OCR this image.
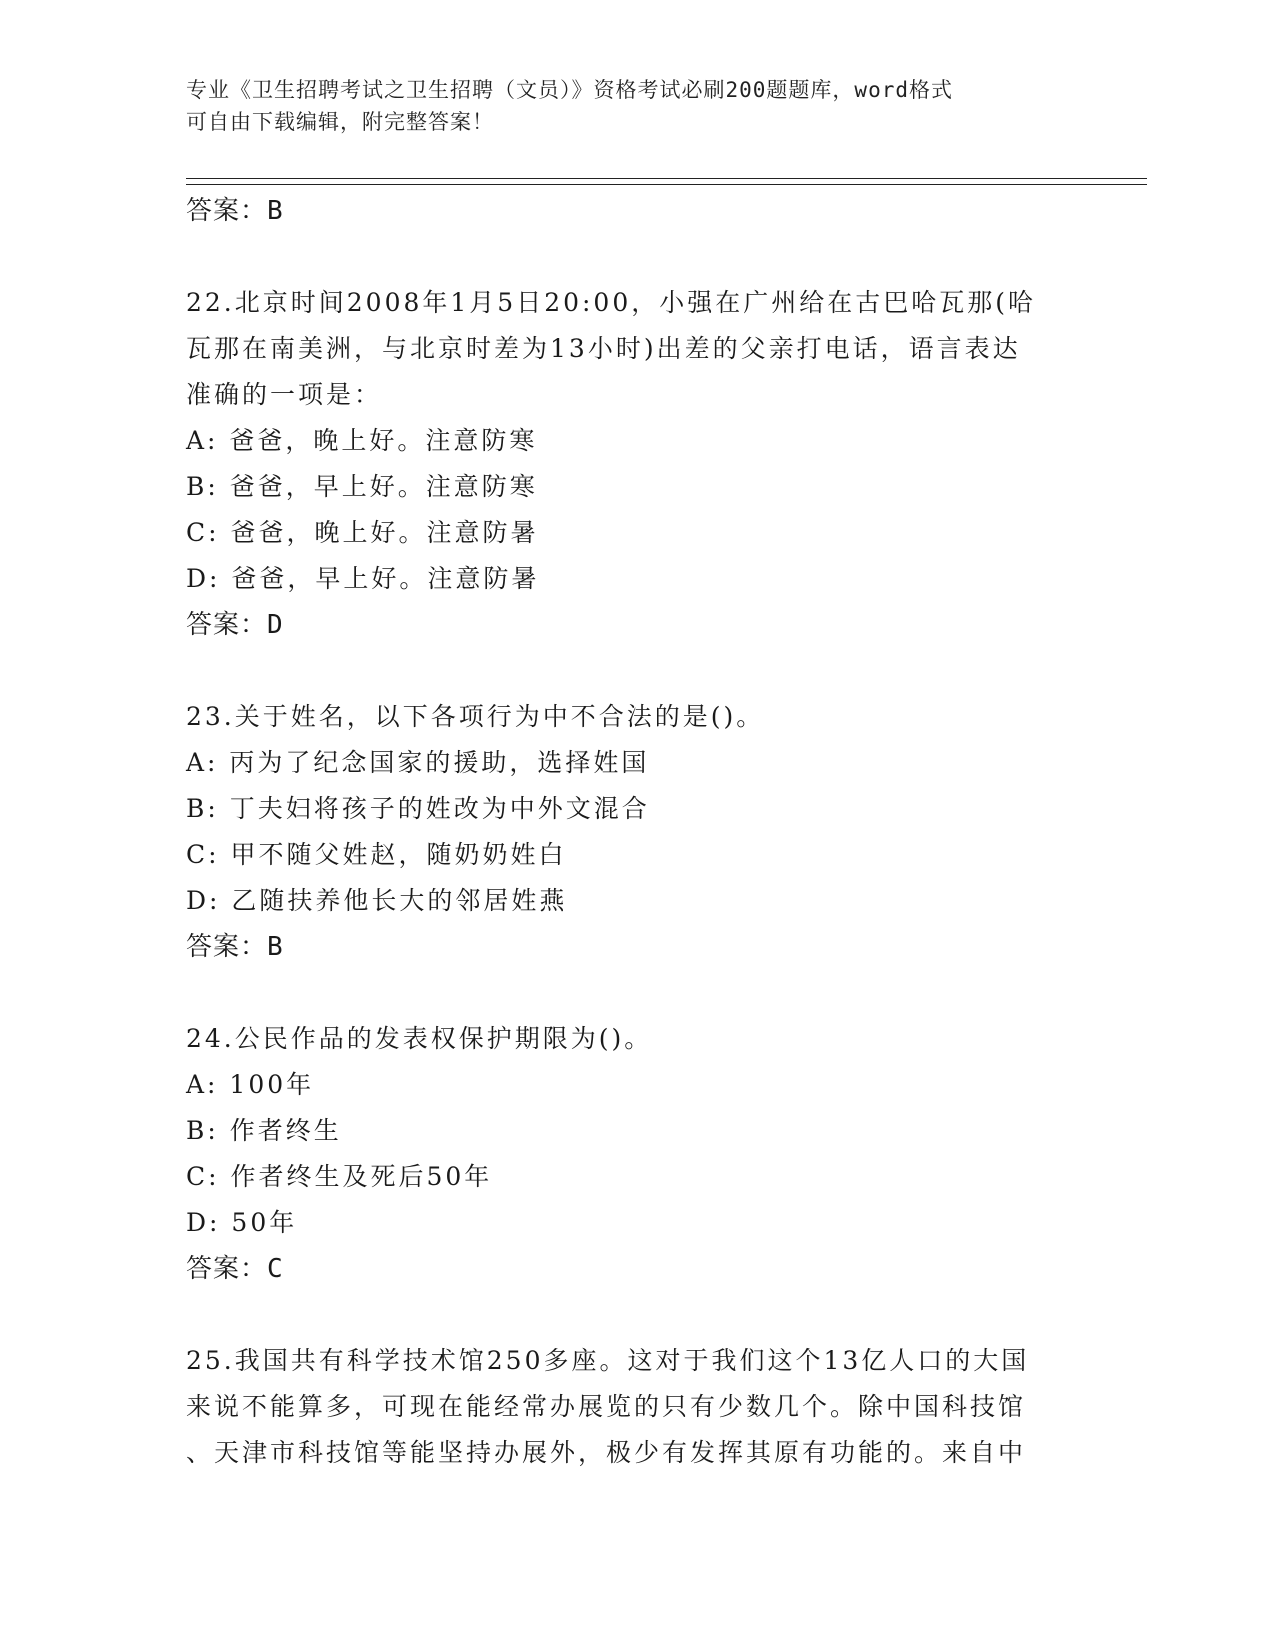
专业《卫生招聘考试之卫生招聘（文员）》资格考试必刷200题题库，word格式
可自由下载编辑，附完整答案！
答案：B
22.北京时间2008年1月5日20:00，小强在广州给在古巴哈瓦那(哈
瓦那在南美洲，与北京时差为13小时)出差的父亲打电话，语言表达
准确的一项是：
A: 爸爸，晚上好。注意防寒
B: 爸爸，早上好。注意防寒
C: 爸爸，晚上好。注意防暑
D: 爸爸，早上好。注意防暑
答案：D
23.关于姓名，以下各项行为中不合法的是()。
A: 丙为了纪念国家的援助，选择姓国
B: 丁夫妇将孩子的姓改为中外文混合
C: 甲不随父姓赵，随奶奶姓白
D: 乙随扶养他长大的邻居姓燕
答案：B
24.公民作品的发表权保护期限为()。
A: 100年
B: 作者终生
C: 作者终生及死后50年
D: 50年
答案：C
25.我国共有科学技术馆250多座。这对于我们这个13亿人口的大国
来说不能算多，可现在能经常办展览的只有少数几个。除中国科技馆
、天津市科技馆等能坚持办展外，极少有发挥其原有功能的。来自中
